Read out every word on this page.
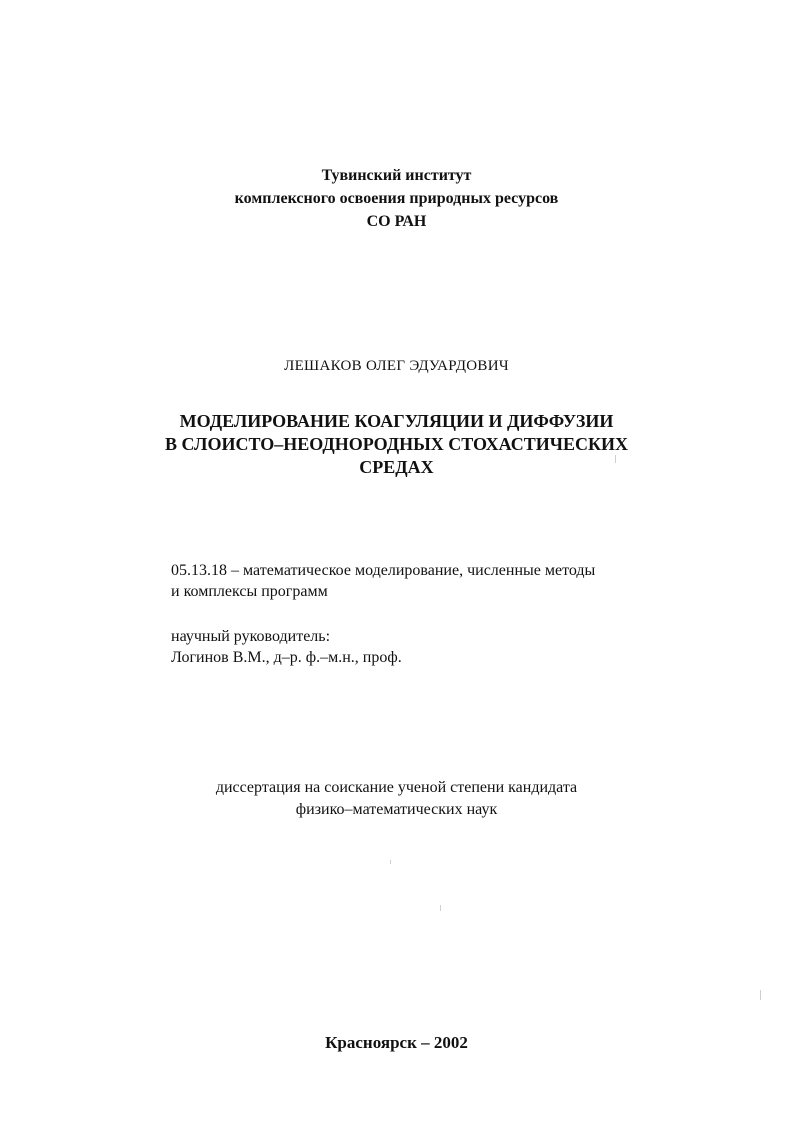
Тувинский институт
комплексного освоения природных ресурсов
СО РАН
ЛЕШАКОВ ОЛЕГ ЭДУАРДОВИЧ
МОДЕЛИРОВАНИЕ КОАГУЛЯЦИИ И ДИФФУЗИИ
В СЛОИСТО–НЕОДНОРОДНЫХ СТОХАСТИЧЕСКИХ
СРЕДАХ
05.13.18 – математическое моделирование, численные методы
и комплексы программ
научный руководитель:
Логинов В.М., д–р. ф.–м.н., проф.
диссертация на соискание ученой степени кандидата
физико–математических наук
Красноярск – 2002
